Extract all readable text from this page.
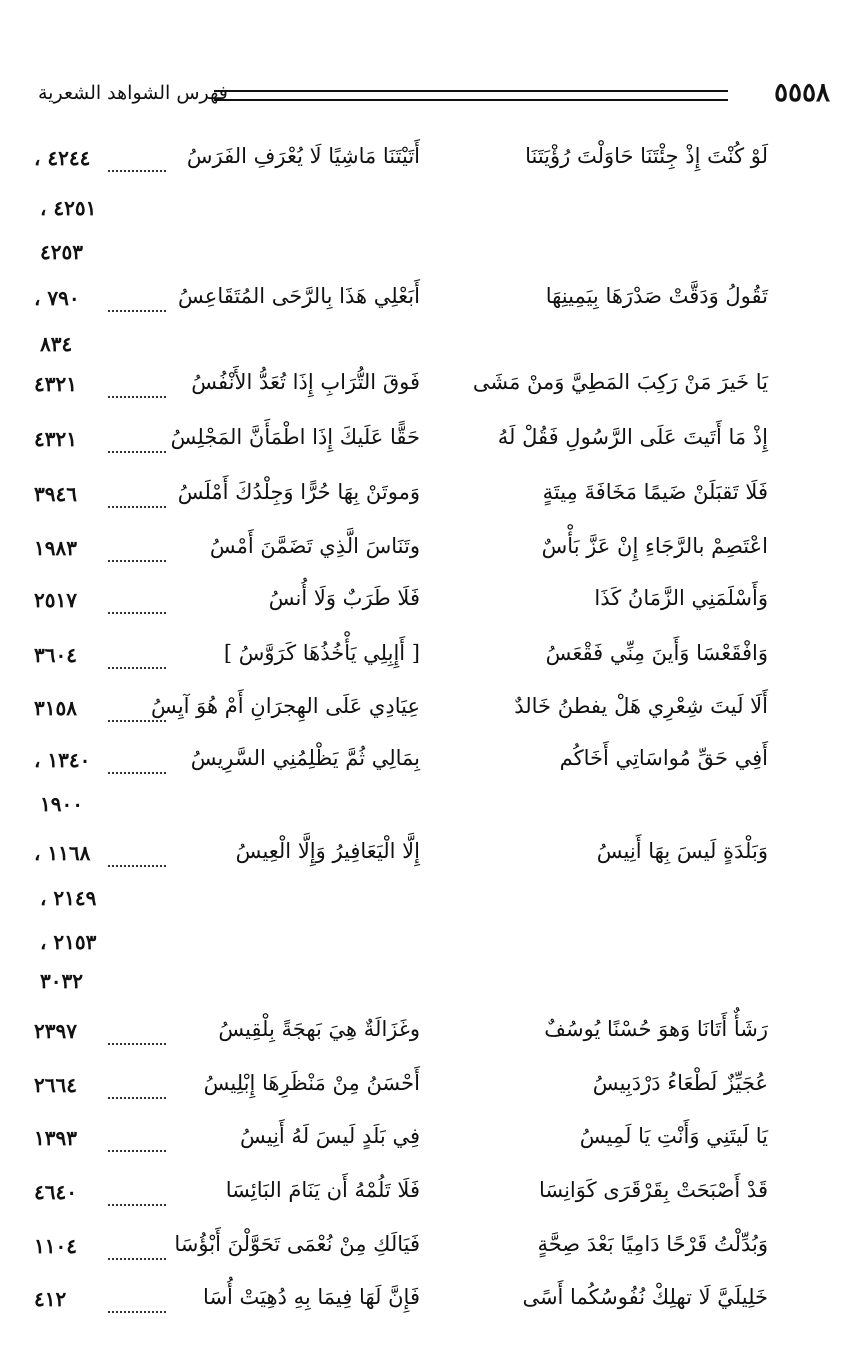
٥٥٥٨
فهرس الشواهد الشعرية
لَوْ كُنْتَ إِذْ جِئْتَنَا حَاوَلْتَ رُؤْيَتَنَا
أَتَيْتَنَا مَاشِيًا لَا يُعْرَفِ الفَرَسُ
٤٢٤٤ ،
٤٢٥١ ،
٤٢٥٣
تَقُولُ وَدَقَّتْ صَدْرَهَا بِيَمِينِهَا
أَبَعْلِي هَذَا بِالرَّحَى المُتَقَاعِسُ
٧٩٠ ،
٨٣٤
يَا خَيرَ مَنْ رَكِبَ المَطِيَّ وَمنْ مَشَى
فَوقَ التُّرَابِ إِذَا تُعَدُّ الأَنْفُسُ
٤٣٢١
إِذْ مَا أَتَيتَ عَلَى الرَّسُولِ فَقُلْ لَهُ
حَقًّا عَلَيكَ إِذَا اطْمَأَنَّ المَجْلِسُ
٤٣٢١
فَلَا تَقبَلَنْ ضَيمًا مَخَافَةَ مِيتَةٍ
وَموتَنْ بِهَا حُرًّا وَجِلْدُكَ أَمْلَسُ
٣٩٤٦
اعْتَصِمْ بالرَّجَاءِ إِنْ عَزَّ بَأْسٌ
وتَنَاسَ الَّذِي تَضَمَّنَ أَمْسُ
١٩٨٣
وَأَسْلَمَنِي الزَّمَانُ كَذَا
فَلَا طَرَبٌ وَلَا أُنسُ
٢٥١٧
وَافْقَعْسَا وَأَينَ مِنِّي فَقْعَسُ
[ أَإِبِلِي يَأْخُذُهَا كَرَوَّسُ ]
٣٦٠٤
أَلَا لَيتَ شِعْرِي هَلْ يفطنُ خَالدٌ
عِيَادِي عَلَى الهِجرَانِ أَمْ هُوَ آيِسُ
٣١٥٨
أَفِي حَقِّ مُواسَاتِي أَخَاكُم
بِمَالِي ثُمَّ يَظْلِمُنِي السَّرِيسُ
١٣٤٠ ،
١٩٠٠
وَبَلْدَةٍ لَيسَ بِهَا أَنِيسُ
إِلَّا الْيَعَافِيرُ وَإِلَّا الْعِيسُ
١١٦٨ ،
٢١٤٩ ،
٢١٥٣ ،
٣٠٣٢
رَشَأٌ أَتَانَا وَهوَ حُسْنًا يُوسُفٌ
وغَزَالَةٌ هِيَ بَهجَةً بِلْقِيسُ
٢٣٩٧
عُجَيِّزٌ لَطْعَاءُ دَرْدَبِيسُ
أَحْسَنُ مِنْ مَنْظَرِهَا إِبْلِيسُ
٢٦٦٤
يَا لَيتَنِي وَأَنْتِ يَا لَمِيسُ
فِي بَلَدٍ لَيسَ لَهُ أَنِيسُ
١٣٩٣
قَدْ أَصْبَحَتْ بِقَرْقَرَى كَوَانِسَا
فَلَا تَلُمْهُ أَن يَنَامَ البَائِسَا
٤٦٤٠
وَبُدِّلْتُ قَرْحًا دَامِيًا بَعْدَ صِحَّةٍ
فَيَالَكِ مِنْ نُعْمَى تَحَوَّلْنَ أَبْؤُسَا
١١٠٤
خَلِيلَيَّ لَا تهلِكْ نُفُوسُكُما أَسًى
فَإِنَّ لَهَا فِيمَا بِهِ دُهِيَتْ أُسَا
٤١٢
